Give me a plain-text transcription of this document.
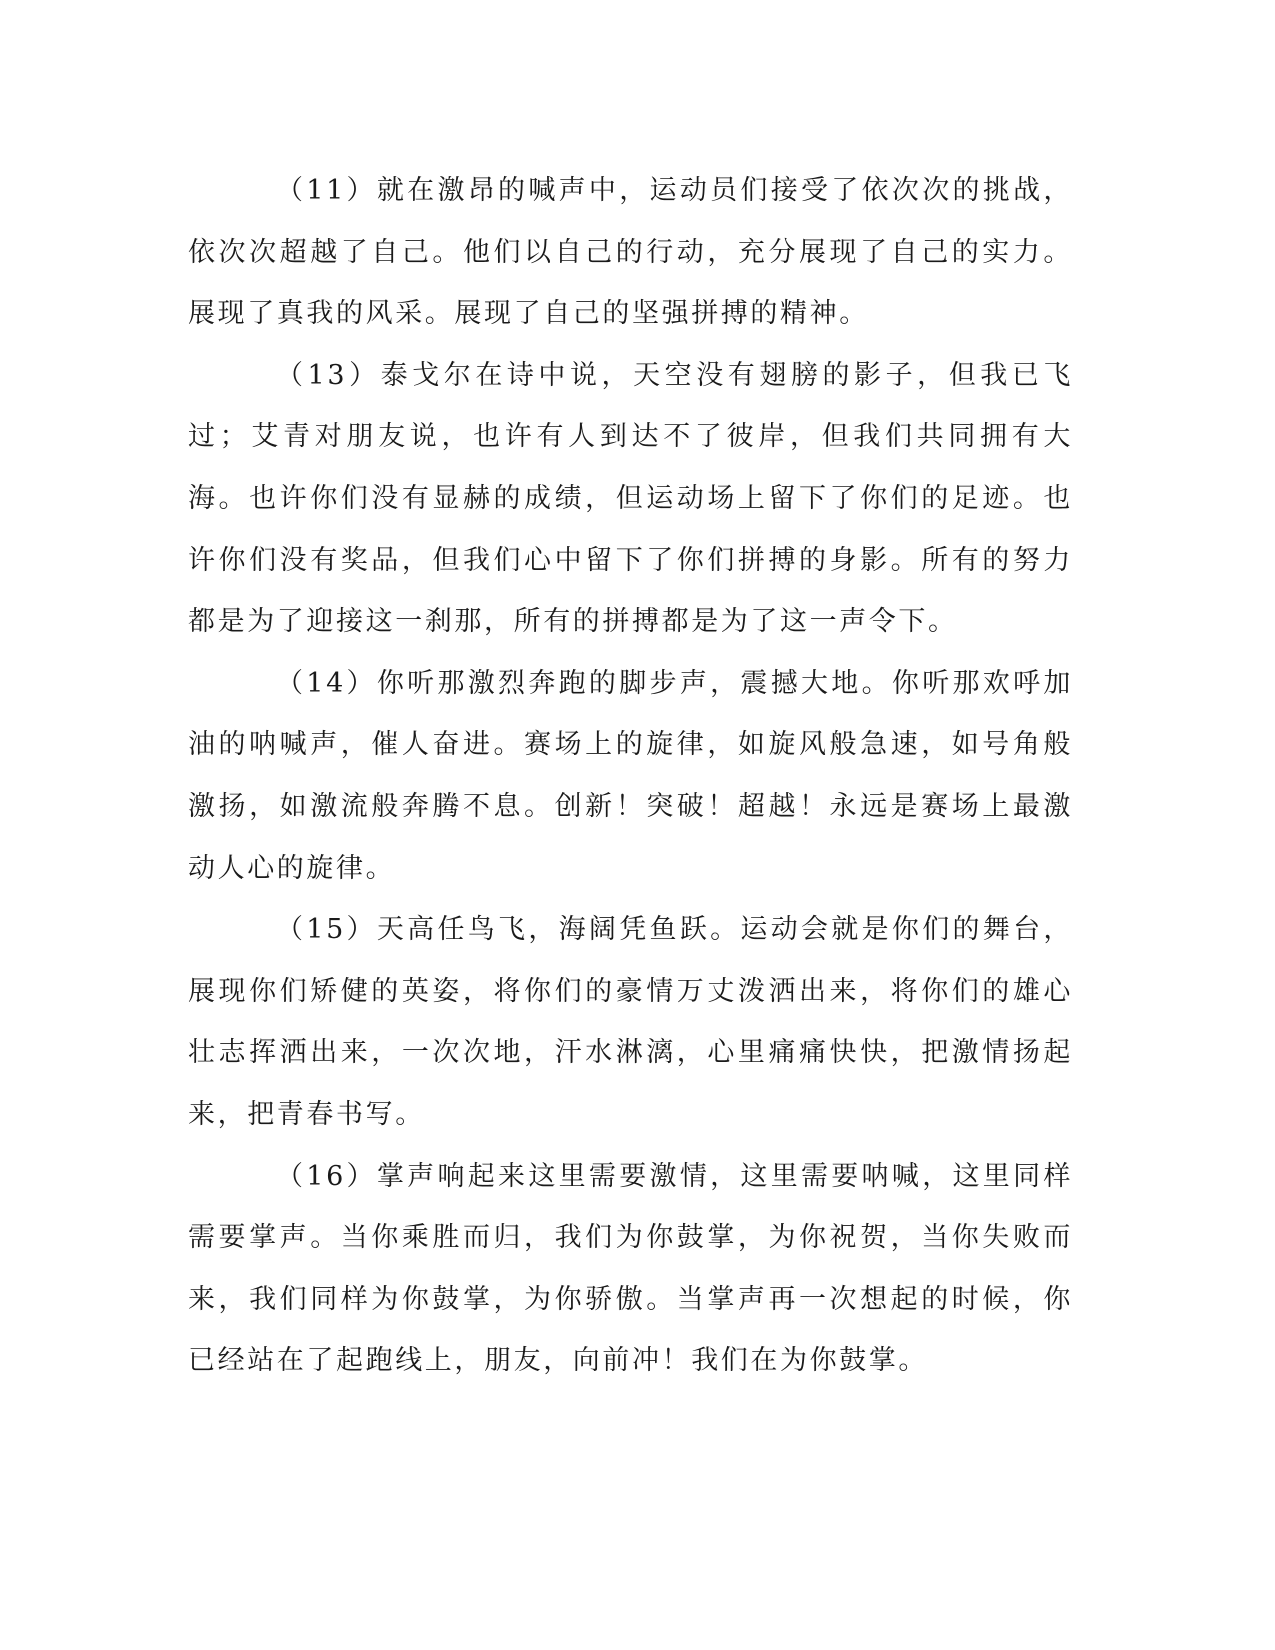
（11）就在激昂的喊声中，运动员们接受了依次次的挑战，依次次超越了自己。他们以自己的行动，充分展现了自己的实力。展现了真我的风采。展现了自己的坚强拼搏的精神。

（13）泰戈尔在诗中说，天空没有翅膀的影子，但我已飞过；艾青对朋友说，也许有人到达不了彼岸，但我们共同拥有大海。也许你们没有显赫的成绩，但运动场上留下了你们的足迹。也许你们没有奖品，但我们心中留下了你们拼搏的身影。所有的努力都是为了迎接这一刹那，所有的拼搏都是为了这一声令下。

（14）你听那激烈奔跑的脚步声，震撼大地。你听那欢呼加油的呐喊声，催人奋进。赛场上的旋律，如旋风般急速，如号角般激扬，如激流般奔腾不息。创新！突破！超越！永远是赛场上最激动人心的旋律。

（15）天高任鸟飞，海阔凭鱼跃。运动会就是你们的舞台，展现你们矫健的英姿，将你们的豪情万丈泼洒出来，将你们的雄心壮志挥洒出来，一次次地，汗水淋漓，心里痛痛快快，把激情扬起来，把青春书写。

（16）掌声响起来这里需要激情，这里需要呐喊，这里同样需要掌声。当你乘胜而归，我们为你鼓掌，为你祝贺，当你失败而来，我们同样为你鼓掌，为你骄傲。当掌声再一次想起的时候，你已经站在了起跑线上，朋友，向前冲！我们在为你鼓掌。
